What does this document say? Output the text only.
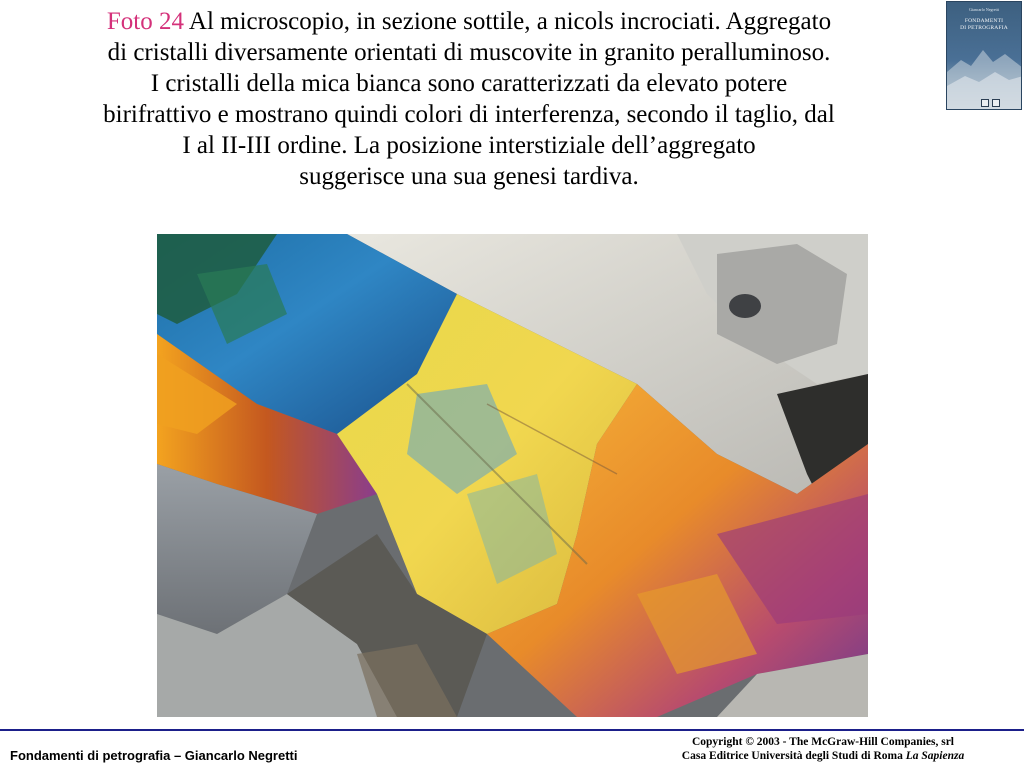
Foto 24 Al microscopio, in sezione sottile, a nicols incrociati. Aggregato
di cristalli diversamente orientati di muscovite in granito peralluminoso.
I cristalli della mica bianca sono caratterizzati da elevato potere
birifrattivo e mostrano quindi colori di interferenza, secondo il taglio, dal
I al II-III ordine. La posizione interstiziale dell’aggregato
suggerisce una sua genesi tardiva.
Giancarlo Negretti
FONDAMENTI
DI PETROGRAFIA
Fondamenti di petrografia – Giancarlo Negretti
Copyright © 2003 - The McGraw-Hill Companies, srl
Casa Editrice Università degli Studi di Roma La Sapienza
